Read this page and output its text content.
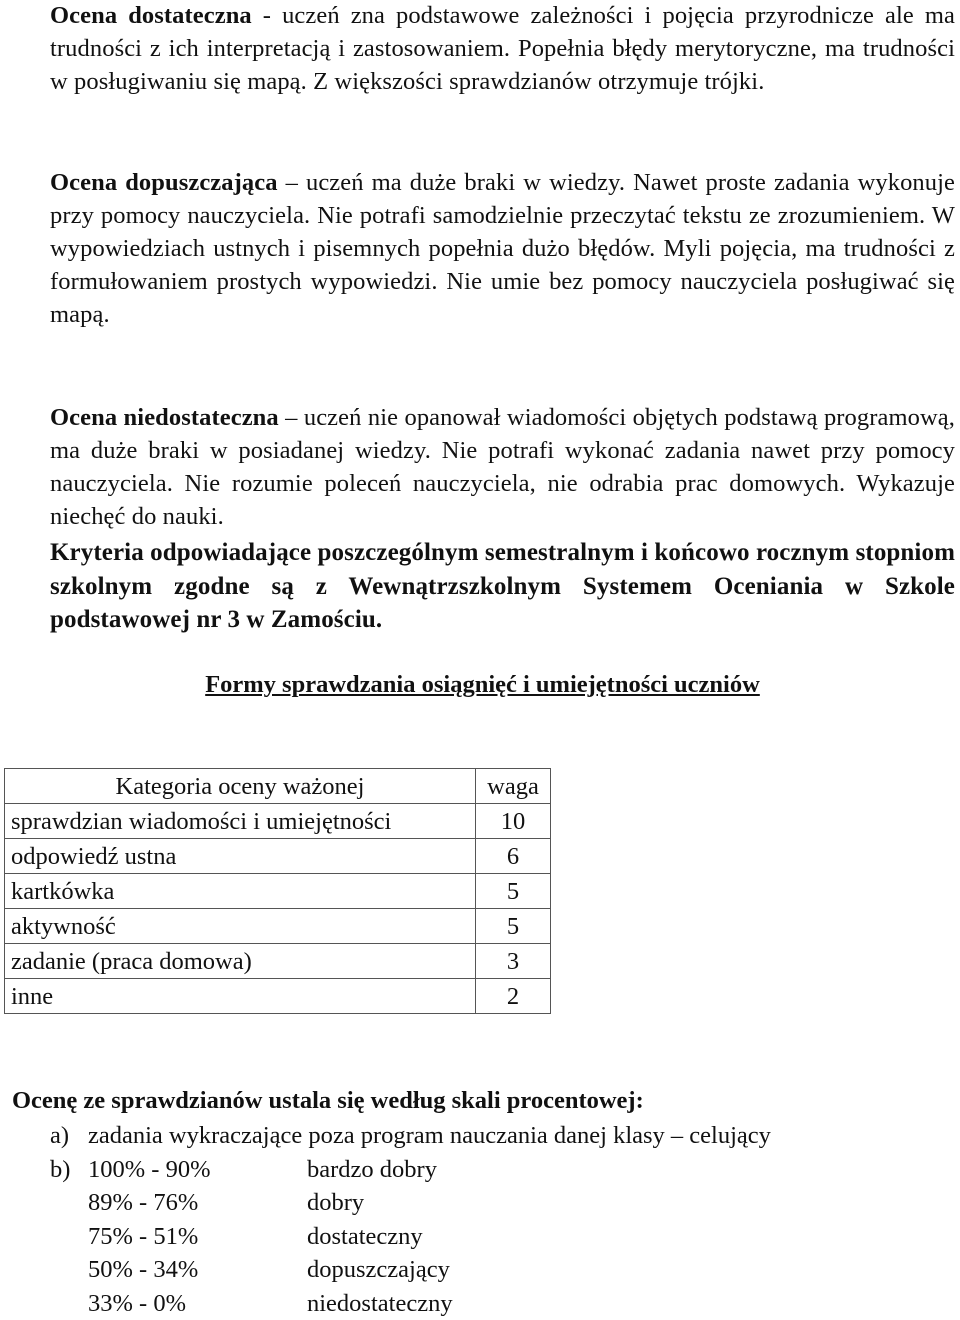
Ocena dostateczna - uczeń zna podstawowe zależności i pojęcia przyrodnicze ale ma trudności z ich interpretacją i zastosowaniem. Popełnia błędy merytoryczne, ma trudności w posługiwaniu się mapą. Z większości sprawdzianów otrzymuje trójki.

Ocena dopuszczająca – uczeń ma duże braki w wiedzy. Nawet proste zadania wykonuje przy pomocy nauczyciela. Nie potrafi samodzielnie przeczytać tekstu ze zrozumieniem. W wypowiedziach ustnych i pisemnych popełnia dużo błędów. Myli pojęcia, ma trudności z formułowaniem prostych wypowiedzi. Nie umie bez pomocy nauczyciela posługiwać się mapą.

Ocena niedostateczna – uczeń nie opanował wiadomości objętych podstawą programową, ma duże braki w posiadanej wiedzy. Nie potrafi wykonać zadania nawet przy pomocy nauczyciela. Nie rozumie poleceń nauczyciela, nie odrabia prac domowych. Wykazuje niechęć do nauki.

Kryteria odpowiadające poszczególnym semestralnym i końcowo rocznym stopniom szkolnym zgodne są z Wewnątrzszkolnym Systemem Oceniania w Szkole podstawowej nr 3 w Zamościu.

Formy sprawdzania osiągnięć i umiejętności uczniów
Kategoria oceny ważonej	waga
sprawdzian wiadomości i umiejętności	10
odpowiedź ustna	6
kartkówka	5
aktywność	5
zadanie (praca domowa)	3
inne	2
Ocenę ze sprawdzianów ustala się według skali procentowej:
a) zadania wykraczające poza program nauczania danej klasy – celujący
b) 100% - 90%	bardzo dobry
89% - 76%	dobry
75% - 51%	dostateczny
50% - 34%	dopuszczający
33% - 0%	niedostateczny
